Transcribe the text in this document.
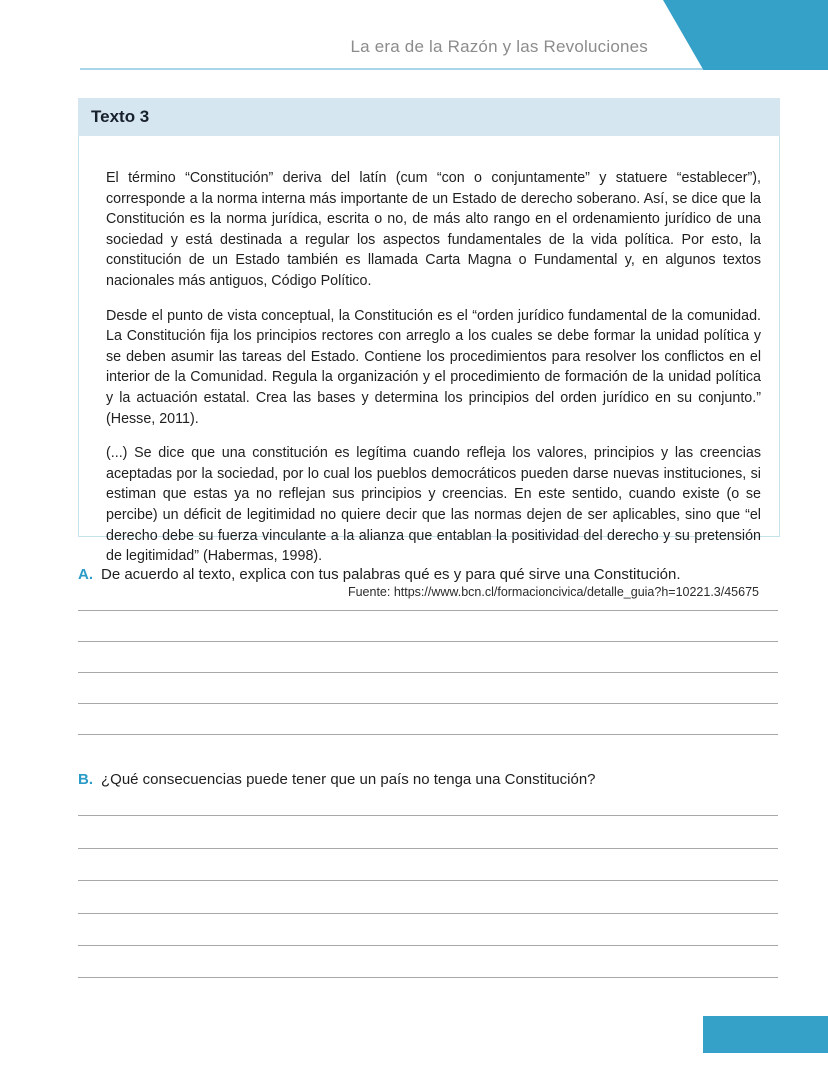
La era de la Razón y las Revoluciones
Texto 3

El término “Constitución” deriva del latín (cum “con o conjuntamente” y statuere “establecer”), corresponde a la norma interna más importante de un Estado de derecho soberano. Así, se dice que la Constitución es la norma jurídica, escrita o no, de más alto rango en el ordenamiento jurídico de una sociedad y está destinada a regular los aspectos fundamentales de la vida política. Por esto, la constitución de un Estado también es llamada Carta Magna o Fundamental y, en algunos textos nacionales más antiguos, Código Político.

Desde el punto de vista conceptual, la Constitución es el “orden jurídico fundamental de la comunidad. La Constitución fija los principios rectores con arreglo a los cuales se debe formar la unidad política y se deben asumir las tareas del Estado. Contiene los procedimientos para resolver los conflictos en el interior de la Comunidad. Regula la organización y el procedimiento de formación de la unidad política y la actuación estatal. Crea las bases y determina los principios del orden jurídico en su conjunto.” (Hesse, 2011).

(...) Se dice que una constitución es legítima cuando refleja los valores, principios y las creencias aceptadas por la sociedad, por lo cual los pueblos democráticos pueden darse nuevas instituciones, si estiman que estas ya no reflejan sus principios y creencias. En este sentido, cuando existe (o se percibe) un déficit de legitimidad no quiere decir que las normas dejen de ser aplicables, sino que “el derecho debe su fuerza vinculante a la alianza que entablan la positividad del derecho y su pretensión de legitimidad” (Habermas, 1998).

Fuente: https://www.bcn.cl/formacioncivica/detalle_guia?h=10221.3/45675
A. De acuerdo al texto, explica con tus palabras qué es y para qué sirve una Constitución.
B. ¿Qué consecuencias puede tener que un país no tenga una Constitución?
